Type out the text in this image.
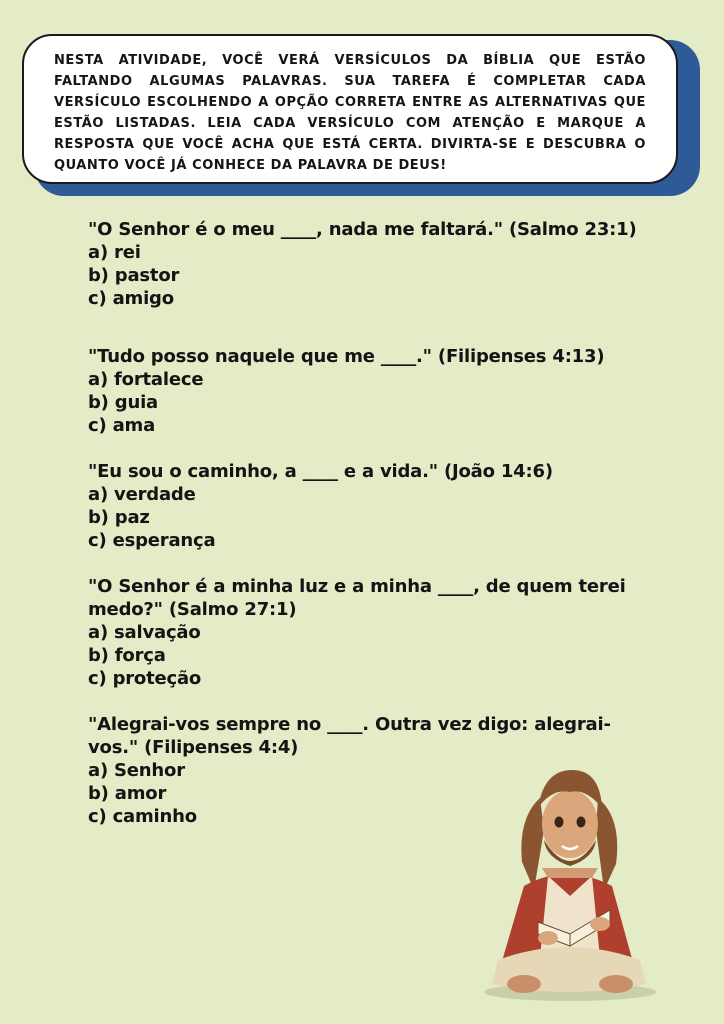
NESTA ATIVIDADE, VOCÊ VERÁ VERSÍCULOS DA BÍBLIA QUE ESTÃO FALTANDO ALGUMAS PALAVRAS. SUA TAREFA É COMPLETAR CADA VERSÍCULO ESCOLHENDO A OPÇÃO CORRETA ENTRE AS ALTERNATIVAS QUE ESTÃO LISTADAS. LEIA CADA VERSÍCULO COM ATENÇÃO E MARQUE A RESPOSTA QUE VOCÊ ACHA QUE ESTÁ CERTA. DIVIRTA-SE E DESCUBRA O QUANTO VOCÊ JÁ CONHECE DA PALAVRA DE DEUS!

"O Senhor é o meu ____, nada me faltará." (Salmo 23:1)
a) rei
b) pastor
c) amigo
"Tudo posso naquele que me ____." (Filipenses 4:13)
a) fortalece
b) guia
c) ama
"Eu sou o caminho, a ____ e a vida." (João 14:6)
a) verdade
b) paz
c) esperança
"O Senhor é a minha luz e a minha ____, de quem terei medo?" (Salmo 27:1)
a) salvação
b) força
c) proteção
"Alegrai-vos sempre no ____. Outra vez digo: alegrai-vos." (Filipenses 4:4)
a) Senhor
b) amor
c) caminho
